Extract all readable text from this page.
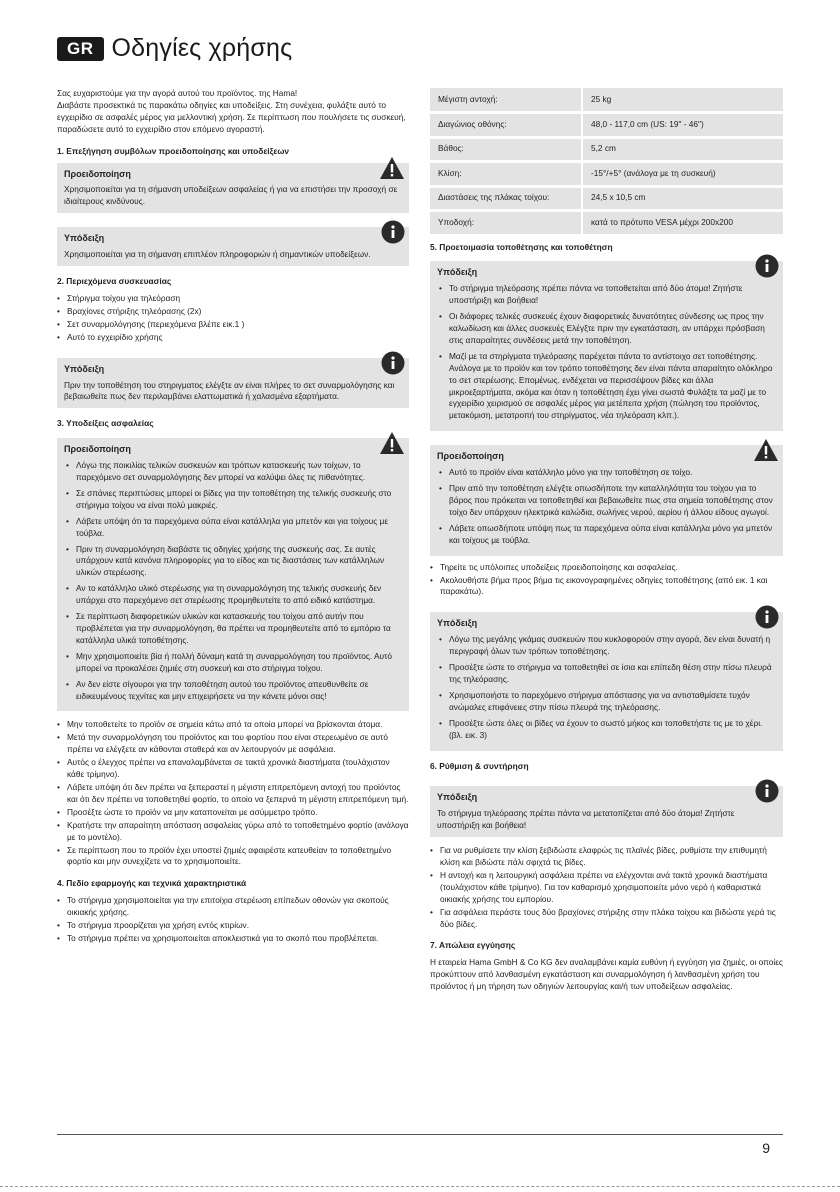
GR Οδηγίες χρήσης

Σας ευχαριστούμε για την αγορά αυτού του προϊόντος. της Hama!

Διαβάστε προσεκτικά τις παρακάτω οδηγίες και υποδείξεις. Στη συνέχεια, φυλάξτε αυτό το εγχειρίδιο σε ασφαλές μέρος για μελλοντική χρήση. Σε περίπτωση που πουλήσετε τις συσκευή, παραδώσετε αυτό το εγχειρίδιο στον επόμενο αγοραστή.

1. Επεξήγηση συμβόλων προειδοποίησης και υποδείξεων
Προειδοποίηση

Χρησιμοποιείται για τη σήμανση υποδείξεων ασφαλείας ή για να επιστήσει την προσοχή σε ιδιαίτερους κινδύνους.

Υπόδειξη

Χρησιμοποιείται για τη σήμανση επιπλέον πληροφοριών ή σημαντικών υποδείξεων.

2. Περιεχόμενα συσκευασίας
• Στήριγμα τοίχου για τηλεόραση
• Βραχίονες στήριξης τηλεόρασης (2x)
• Σετ συναρμολόγησης (περιεχόμενα βλέπε εικ.1 )
• Αυτό το εγχειρίδιο χρήσης
Υπόδειξη

Πριν την τοποθέτηση του στηριγματος ελέγξτε αν είναι πλήρες το σετ συναρμολόγησης και βεβαιωθείτε πως δεν περιλαμβάνει ελαττωματικά ή χαλασμένα εξαρτήματα.

3. Υποδείξεις ασφαλείας
Προειδοποίηση
• Λόγω της ποικιλίας τελικών συσκευών και τρόπων κατασκευής των τοίχων, το παρεχόμενο σετ συναρμολόγησης δεν μπορεί να καλύψει όλες τις πιθανότητες.
• Σε σπάνιες περιπτώσεις μπορεί οι βίδες για την τοποθέτηση της τελικής συσκευής στο στήριγμα τοίχου να είναι πολύ μακριές.
• Λάβετε υπόψη ότι τα παρεχόμενα ούπα είναι κατάλληλα για μπετόν και για τοίχους με τούβλα.
• Πριν τη συναρμολόγηση διαβάστε τις οδηγίες χρήσης της συσκευής σας. Σε αυτές υπάρχουν κατά κανόνα πληροφορίες για το είδος και τις διαστάσεις των κατάλληλων υλικών στερέωσης.
• Αν το κατάλληλο υλικό στερέωσης για τη συναρμολόγηση της τελικής συσκευής δεν υπάρχει στο παρεχόμενο σετ στερέωσης προμηθευτείτε το από ειδικό κατάστημα.
• Σε περίπτωση διαφορετικών υλικών και κατασκευής του τοίχου από αυτήν που προβλέπεται για την συναρμολόγηση, θα πρέπει να προμηθευτείτε από το εμπόριο τα κατάλληλα υλικά τοποθέτησης.
• Μην χρησιμοποιείτε βία ή πολλή δύναμη κατά τη συναρμολόγηση του προϊόντος. Αυτό μπορεί να προκαλέσει ζημιές στη συσκευή και στο στήριγμα τοίχου.
• Αν δεν είστε σίγουροι για την τοποθέτηση αυτού του προϊόντος απευθυνθείτε σε ειδικευμένους τεχνίτες και μην επιχειρήσετε να την κάνετε μόνοι σας!
• Μην τοποθετείτε το προϊόν σε σημεία κάτω από τα οποία μπορεί να βρίσκονται άτομα.
• Μετά την συναρμολόγηση του προϊόντος και του φορτίου που είναι στερεωμένο σε αυτό πρέπει να ελέγξετε αν κάθονται σταθερά και αν λειτουργούν με ασφάλεια.
• Αυτός ο έλεγχος πρέπει να επαναλαμβάνεται σε τακτά χρονικά διαστήματα (τουλάχιστον κάθε τρίμηνο).
• Λάβετε υπόψη ότι δεν πρέπει να ξεπεραστεί η μέγιστη επιτρεπόμενη αντοχή του προϊόντος και ότι δεν πρέπει να τοποθετηθεί φορτίο, το οποίο να ξεπερνά τη μέγιστη επιτρεπόμενη τιμή.
• Προσέξτε ώστε το προϊόν να μην καταπονείται με ασύμμετρο τρόπο.
• Κρατήστε την απαραίτητη απόσταση ασφαλείας γύρω από το τοποθετημένο φορτίο (ανάλογα με το μοντέλο).
• Σε περίπτωση που το προϊόν έχει υποστεί ζημιές αφαιρέστε κατευθείαν το τοποθετημένο φορτίο και μην συνεχίζετε να το χρησιμοποιείτε.
4. Πεδίο εφαρμογής και τεχνικά χαρακτηριστικά
• Το στήριγμα χρησιμοποιείται για την επιτοίχια στερέωση επίπεδων οθονών για σκοπούς οικιακής χρήσης.
• Το στήριγμα προορίζεται για χρήση εντός κτιρίων.
• Το στήριγμα πρέπει να χρησιμοποιείται αποκλειστικά για το σκοπό που προβλέπεται.
Μέγιστη αντοχή:	25 kg
Διαγώνιος οθόνης:	48,0 - 117,0 cm (US: 19" - 46")
Βάθος:	5,2 cm
Κλίση:	-15°/+5° (ανάλογα με τη συσκευή)
Διαστάσεις της πλάκας τοίχου:	24,5 x 10,5 cm
Υποδοχή:	κατά το πρότυπο VESA μέχρι 200x200
5. Προετοιμασία τοποθέτησης και τοποθέτηση
Υπόδειξη
• Το στήριγμα τηλεόρασης πρέπει πάντα να τοποθετείται από δύο άτομα! Ζητήστε υποστήριξη και βοήθεια!
• Οι διάφορες τελικές συσκευές έχουν διαφορετικές δυνατότητες σύνδεσης ως προς την καλωδίωση και άλλες συσκευές Ελέγξτε πριν την εγκατάσταση, αν υπάρχει πρόσβαση στις απαραίτητες συνδέσεις μετά την τοποθέτηση.
• Μαζί με τα στηρίγματα τηλεόρασης παρέχεται πάντα το αντίστοιχο σετ τοποθέτησης. Ανάλογα με το προϊόν και τον τρόπο τοποθέτησης δεν είναι πάντα απαραίτητο ολόκληρο το σετ στερέωσης. Επομένως. ενδέχεται να περισσέψουν βίδες και άλλα μικροεξαρτήματα, ακόμα και όταν η τοποθέτηση έχει γίνει σωστά Φυλάξτε τα μαζί με το εγχειρίδιο χειρισμού σε ασφαλές μέρος για μετέπειτα χρήση (πώληση του προϊόντος, μετακόμιση, μετατροπή του στηρίγματος, νέα τηλεόραση κλπ.).
Προειδοποίηση
• Αυτό το προϊόν είναι κατάλληλο μόνο για την τοποθέτηση σε τοίχο.
• Πριν από την τοποθέτηση ελέγξτε οπωσδήποτε την καταλληλότητα του τοίχου για το βάρος που πρόκειται να τοποθετηθεί και βεβαιωθείτε πως στα σημεία τοποθέτησης στον τοίχο δεν υπάρχουν ηλεκτρικά καλώδια, σωλήνες νερού, αερίου ή άλλου είδους αγωγοί.
• Λάβετε οπωσδήποτε υπόψη πως τα παρεχόμενα ούπα είναι κατάλληλα μόνο για μπετόν και τοίχους με τούβλα.
• Τηρείτε τις υπόλοιπες υποδείξεις προειδοποίησης και ασφαλείας.
• Ακολουθήστε βήμα προς βήμα τις εικονογραφημένες οδηγίες τοποθέτησης (από εικ. 1 και παρακάτω).
Υπόδειξη
• Λόγω της μεγάλης γκάμας συσκευών που κυκλοφορούν στην αγορά, δεν είναι δυνατή η περιγραφή όλων των τρόπων τοποθέτησης.
• Προσέξτε ώστε το στήριγμα να τοποθετηθεί σε ίσια και επίπεδη θέση στην πίσω πλευρά της τηλεόρασης.
• Χρησιμοποιήστε το παρεχόμενο στήριγμα απόστασης για να αντισταθμίσετε τυχόν ανώμαλες επιφάνειες στην πίσω πλευρά της τηλεόρασης.
• Προσέξτε ώστε όλες οι βίδες να έχουν το σωστό μήκος και τοποθετήστε τις με το χέρι. (βλ. εικ. 3)
6. Ρύθμιση & συντήρηση
Υπόδειξη

Το στήριγμα τηλεόρασης πρέπει πάντα να μετατοπίζεται από δύο άτομα! Ζητήστε υποστήριξη και βοήθεια!

• Για να ρυθμίσετε την κλίση ξεβιδώστε ελαφρώς τις πλαϊνές βίδες, ρυθμίστε την επιθυμητή κλίση και βιδώστε πάλι σφιχτά τις βίδες.
• Η αντοχή και η λειτουργική ασφάλεια πρέπει να ελέγχονται ανά τακτά χρονικά διαστήματα (τουλάχιστον κάθε τρίμηνο). Για τον καθαρισμό χρησιμοποιείτε μόνο νερό ή καθαριστικά οικιακής χρήσης του εμπορίου.
• Για ασφάλεια περάστε τους δύο βραχίονες στήριξης στην πλάκα τοίχου και βιδώστε γερά τις δύο βίδες.
7. Απώλεια εγγύησης

Η εταιρεία Hama GmbH & Co KG δεν αναλαμβάνει καμία ευθύνη ή εγγύηση για ζημιές, οι οποίες προκύπτουν από λανθασμένη εγκατάσταση και συναρμολόγηση ή λανθασμένη χρήση του προϊόντος ή μη τήρηση των οδηγιών λειτουργίας και/ή των υποδείξεων ασφαλείας.

9
